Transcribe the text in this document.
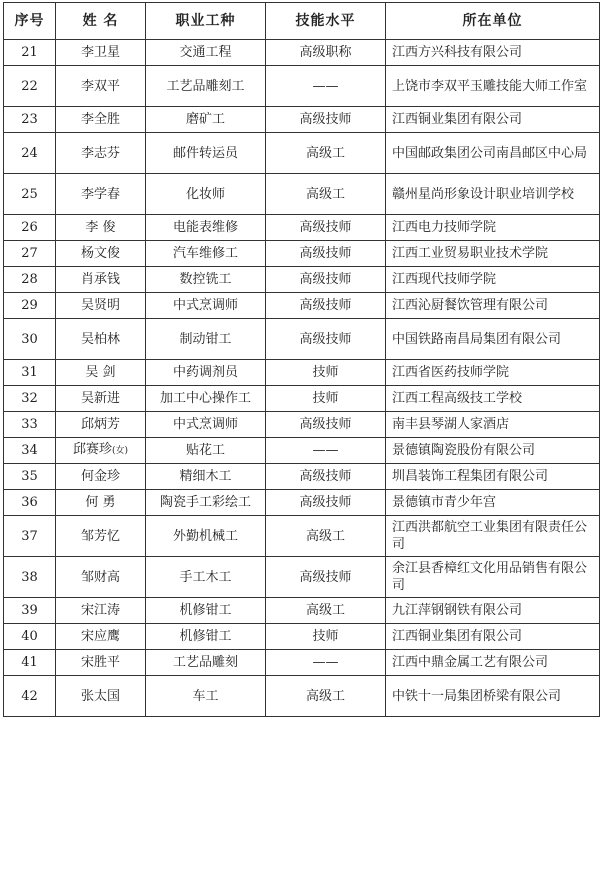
序号	姓 名	职业工种	技能水平	所在单位
21	李卫星	交通工程	高级职称	江西方兴科技有限公司
22	李双平	工艺品雕刻工	——	上饶市李双平玉雕技能大师工作室
23	李全胜	磨矿工	高级技师	江西铜业集团有限公司
24	李志芬	邮件转运员	高级工	中国邮政集团公司南昌邮区中心局
25	李学春	化妆师	高级工	赣州星尚形象设计职业培训学校
26	李 俊	电能表维修	高级技师	江西电力技师学院
27	杨文俊	汽车维修工	高级技师	江西工业贸易职业技术学院
28	肖承钱	数控铣工	高级技师	江西现代技师学院
29	吴贤明	中式烹调师	高级技师	江西沁厨餐饮管理有限公司
30	吴柏林	制动钳工	高级技师	中国铁路南昌局集团有限公司
31	吴 剑	中药调剂员	技师	江西省医药技师学院
32	吴新进	加工中心操作工	技师	江西工程高级技工学校
33	邱炳芳	中式烹调师	高级技师	南丰县琴湖人家酒店
34	邱赛珍(女)	贴花工	——	景德镇陶瓷股份有限公司
35	何金珍	精细木工	高级技师	圳昌装饰工程集团有限公司
36	何 勇	陶瓷手工彩绘工	高级技师	景德镇市青少年宫
37	邹芳忆	外勤机械工	高级工	江西洪都航空工业集团有限责任公司
38	邹财高	手工木工	高级技师	余江县香樟红文化用品销售有限公司
39	宋江涛	机修钳工	高级工	九江萍钢钢铁有限公司
40	宋应鹰	机修钳工	技师	江西铜业集团有限公司
41	宋胜平	工艺品雕刻	——	江西中鼎金属工艺有限公司
42	张太国	车工	高级工	中铁十一局集团桥梁有限公司
